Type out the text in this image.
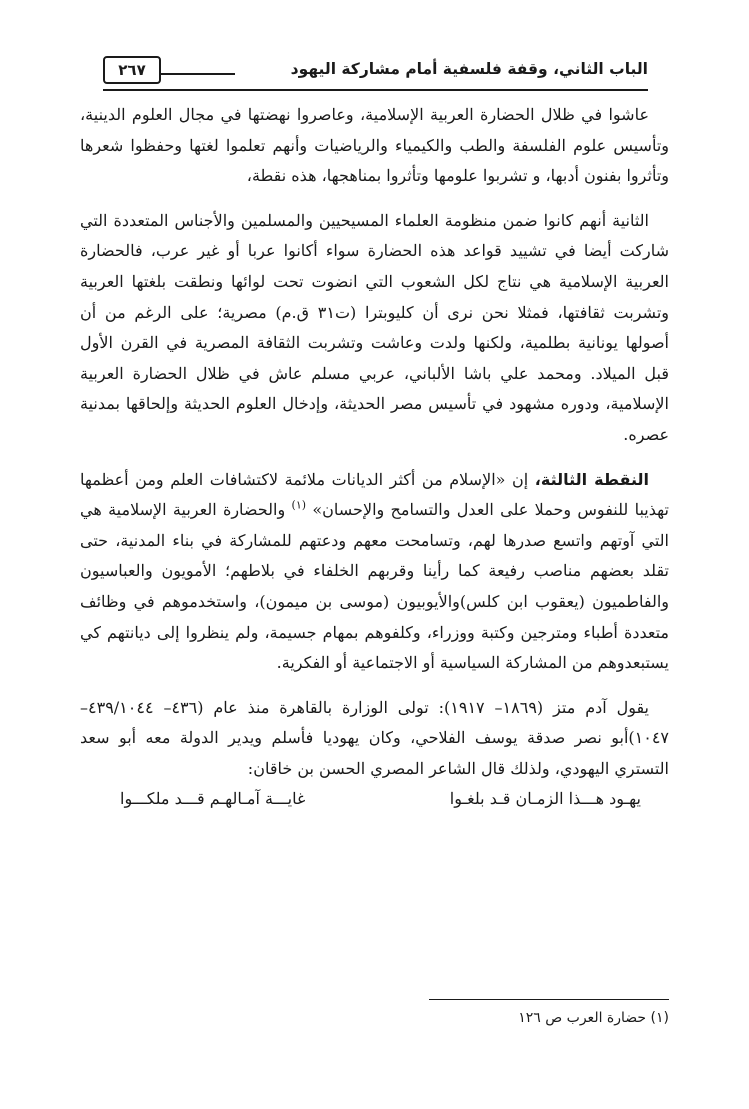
الباب الثاني، وقفة فلسفية أمام مشاركة اليهود
٢٦٧

عاشوا في ظلال الحضارة العربية الإسلامية، وعاصروا نهضتها في مجال العلوم الدينية، وتأسيس علوم الفلسفة والطب والكيمياء والرياضيات وأنهم تعلموا لغتها وحفظوا شعرها وتأثروا بفنون أدبها، و تشربوا علومها وتأثروا بمناهجها، هذه نقطة،

الثانية أنهم كانوا ضمن منظومة العلماء المسيحيين والمسلمين والأجناس المتعددة التي شاركت أيضا في تشييد قواعد هذه الحضارة سواء أكانوا عربا أو غير عرب، فالحضارة العربية الإسلامية هي نتاج لكل الشعوب التي انضوت تحت لوائها ونطقت بلغتها العربية وتشربت ثقافتها، فمثلا نحن نرى أن كليوبترا (ت٣١ ق.م) مصرية؛ على الرغم من أن أصولها يونانية بطلمية، ولكنها ولدت وعاشت وتشربت الثقافة المصرية في القرن الأول قبل الميلاد. ومحمد علي باشا الألباني، عربي مسلم عاش في ظلال الحضارة العربية الإسلامية، ودوره مشهود في تأسيس مصر الحديثة، وإدخال العلوم الحديثة وإلحاقها بمدنية عصره.

النقطة الثالثة، إن «الإسلام من أكثر الديانات ملائمة لاكتشافات العلم ومن أعظمها تهذيبا للنفوس وحملا على العدل والتسامح والإحسان» $^{(١)}$ والحضارة العربية الإسلامية هي التي آوتهم واتسع صدرها لهم، وتسامحت معهم ودعتهم للمشاركة في بناء المدنية، حتى تقلد بعضهم مناصب رفيعة كما رأينا وقربهم الخلفاء في بلاطهم؛ الأمويون والعباسيون والفاطميون (يعقوب ابن كلس)والأيوبيون (موسى بن ميمون)، واستخدموهم في وظائف متعددة أطباء ومترجين وكتبة ووزراء، وكلفوهم بمهام جسيمة، ولم ينظروا إلى ديانتهم كي يستبعدوهم من المشاركة السياسية أو الاجتماعية أو الفكرية.

يقول آدم متز (١٨٦٩– ١٩١٧): تولى الوزارة بالقاهرة منذ عام (٤٣٦– ٤٣٩/١٠٤٤–١٠٤٧)أبو نصر صدقة يوسف الفلاحي، وكان يهوديا فأسلم ويدير الدولة معه أبو سعد التستري اليهودي، ولذلك قال الشاعر المصري الحسن بن خاقان:

يهـود هـــذا الزمـان قـد بلغـوا
غايـــة آمـالهـم قـــد ملكـــوا
(١) حضارة العرب ص ١٢٦
